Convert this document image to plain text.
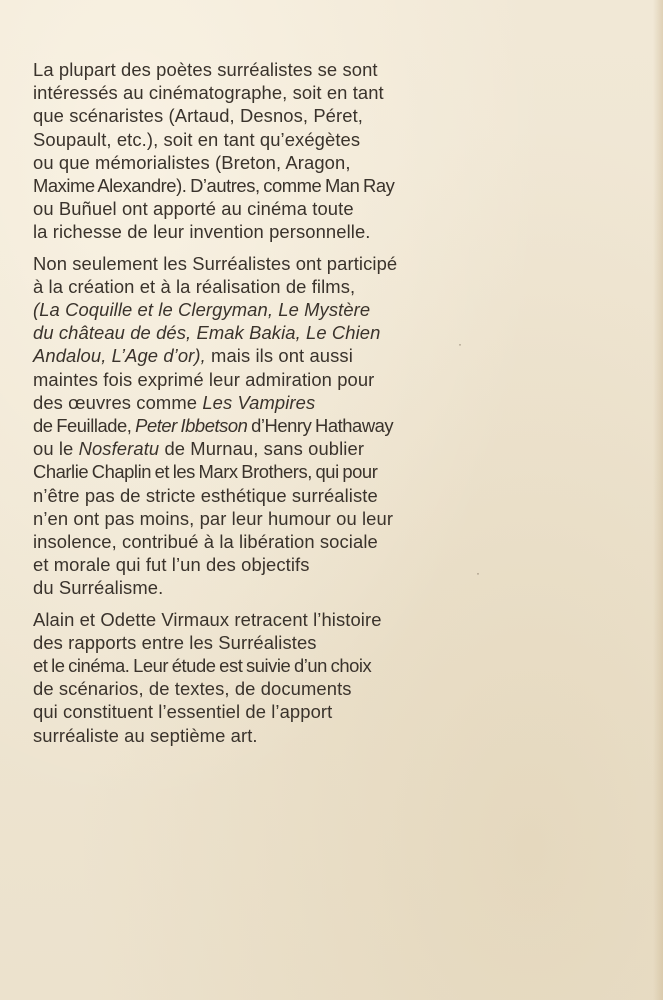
La plupart des poètes surréalistes se sont
intéressés au cinématographe, soit en tant
que scénaristes (Artaud, Desnos, Péret,
Soupault, etc.), soit en tant qu’exégètes
ou que mémorialistes (Breton, Aragon,
Maxime Alexandre). D’autres, comme Man Ray
ou Buñuel ont apporté au cinéma toute
la richesse de leur invention personnelle.

Non seulement les Surréalistes ont participé
à la création et à la réalisation de films,
(La Coquille et le Clergyman, Le Mystère
du château de dés, Emak Bakia, Le Chien
Andalou, L’Age d’or), mais ils ont aussi
maintes fois exprimé leur admiration pour
des œuvres comme Les Vampires
de Feuillade, Peter Ibbetson d’Henry Hathaway
ou le Nosferatu de Murnau, sans oublier
Charlie Chaplin et les Marx Brothers, qui pour
n’être pas de stricte esthétique surréaliste
n’en ont pas moins, par leur humour ou leur
insolence, contribué à la libération sociale
et morale qui fut l’un des objectifs
du Surréalisme.

Alain et Odette Virmaux retracent l’histoire
des rapports entre les Surréalistes
et le cinéma. Leur étude est suivie d’un choix
de scénarios, de textes, de documents
qui constituent l’essentiel de l’apport
surréaliste au septième art.

·
·
